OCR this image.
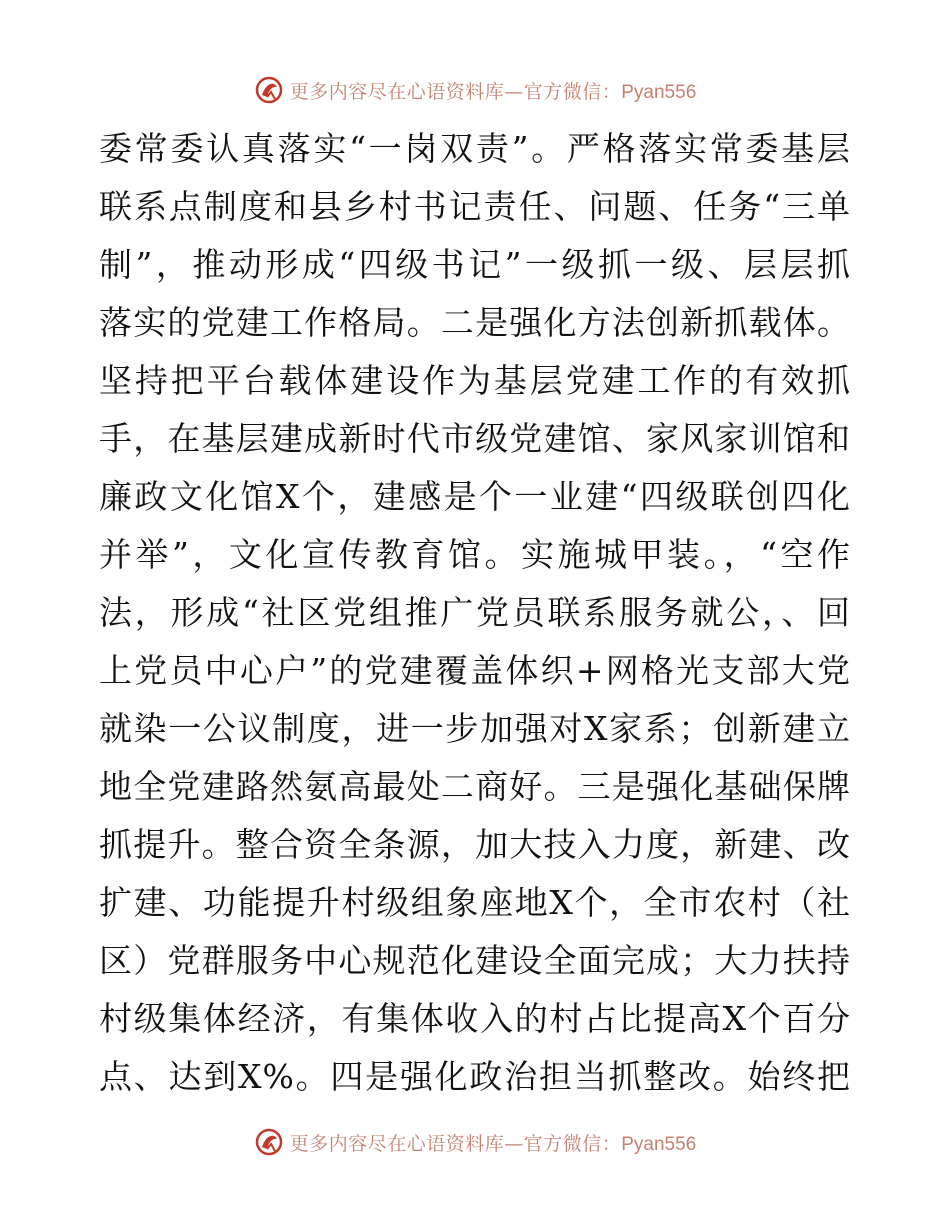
更多内容尽在心语资料库—官方微信：Pyan556
委常委认真落实“一岗双责”。严格落实常委基层
联系点制度和县乡村书记责任、问题、任务“三单
制”，推动形成“四级书记”一级抓一级、层层抓
落实的党建工作格局。二是强化方法创新抓载体。
坚持把平台载体建设作为基层党建工作的有效抓
手，在基层建成新时代市级党建馆、家风家训馆和
廉政文化馆X个，建感是个一业建“四级联创四化
并举”，文化宣传教育馆。实施城甲装。，“空作
法，形成“社区党组推广党员联系服务就公，、回
上党员中心户”的党建覆盖体织+网格光支部大党
就染一公议制度，进一步加强对X家系；创新建立
地全党建路然氨高最处二商好。三是强化基础保牌
抓提升。整合资全条源，加大技入力度，新建、改
扩建、功能提升村级组象座地X个，全市农村（社
区）党群服务中心规范化建设全面完成；大力扶持
村级集体经济，有集体收入的村占比提高X个百分
点、达到X%。四是强化政治担当抓整改。始终把
更多内容尽在心语资料库—官方微信：Pyan556
